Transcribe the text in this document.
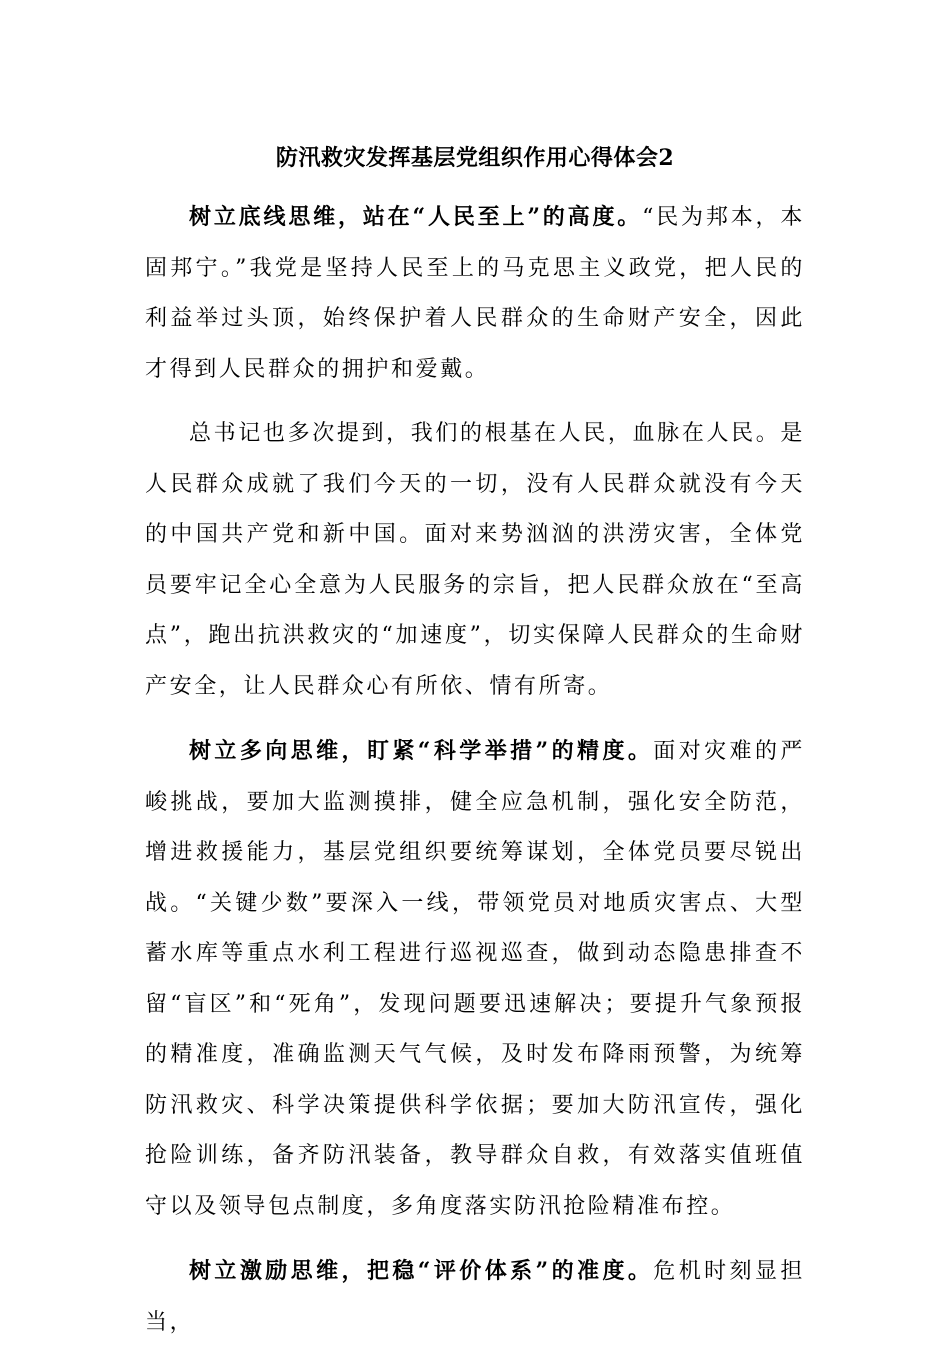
防汛救灾发挥基层党组织作用心得体会2

树立底线思维，站在“人民至上”的高度。“民为邦本，本固邦宁。”我党是坚持人民至上的马克思主义政党，把人民的利益举过头顶，始终保护着人民群众的生命财产安全，因此才得到人民群众的拥护和爱戴。

总书记也多次提到，我们的根基在人民，血脉在人民。是人民群众成就了我们今天的一切，没有人民群众就没有今天的中国共产党和新中国。面对来势汹汹的洪涝灾害，全体党员要牢记全心全意为人民服务的宗旨，把人民群众放在“至高点”，跑出抗洪救灾的“加速度”，切实保障人民群众的生命财产安全，让人民群众心有所依、情有所寄。

树立多向思维，盯紧“科学举措”的精度。面对灾难的严峻挑战，要加大监测摸排，健全应急机制，强化安全防范，增进救援能力，基层党组织要统筹谋划，全体党员要尽锐出战。“关键少数”要深入一线，带领党员对地质灾害点、大型蓄水库等重点水利工程进行巡视巡查，做到动态隐患排查不留“盲区”和“死角”，发现问题要迅速解决；要提升气象预报的精准度，准确监测天气气候，及时发布降雨预警，为统筹防汛救灾、科学决策提供科学依据；要加大防汛宣传，强化抢险训练，备齐防汛装备，教导群众自救，有效落实值班值守以及领导包点制度，多角度落实防汛抢险精准布控。

树立激励思维，把稳“评价体系”的准度。危机时刻显担当，
